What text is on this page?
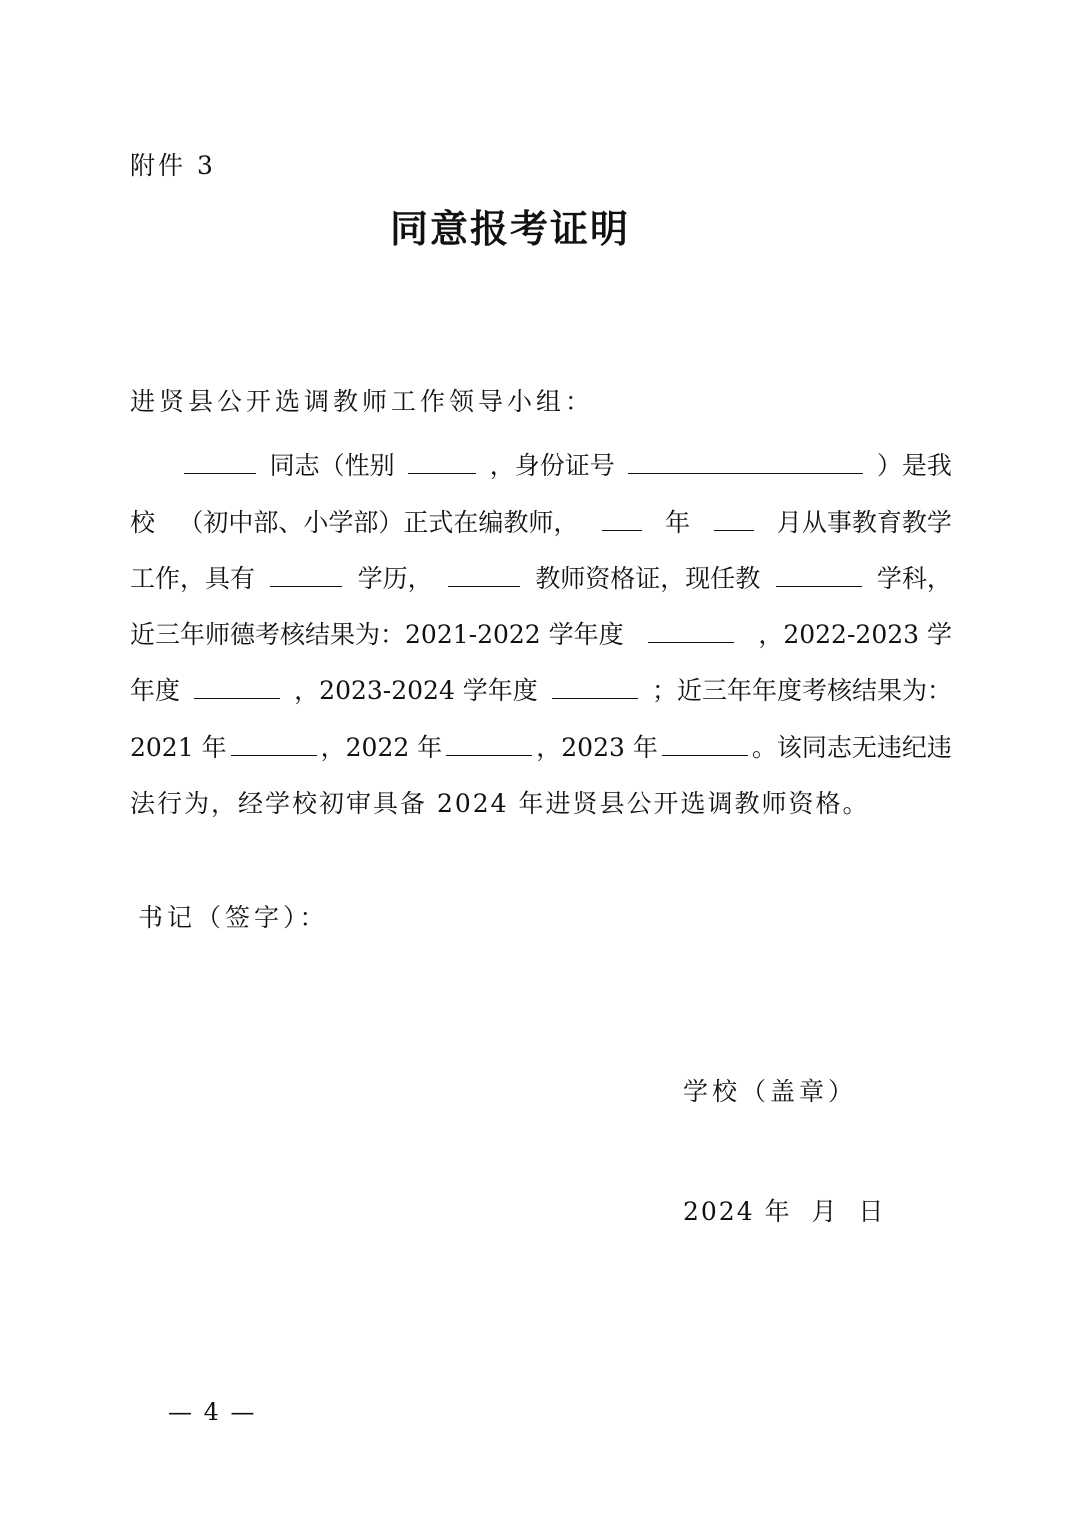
附件 3
同意报考证明
进贤县公开选调教师工作领导小组：
同志（性别	，身份证号	）是我
校 （初中部、小学部）正式在编教师，	年	月从事教育教学
工作，具有	学历，	教师资格证，现任教	学科，
近三年师德考核结果为：2021-2022 学年度	，2022-2023 学
年度	，2023-2024 学年度	；近三年年度考核结果为：
2021 年	，2022 年	，2023 年	。该同志无违纪违
法行为，经学校初审具备 2024 年进贤县公开选调教师资格。
书记（签字）：
学校（盖章）
2024 年  月  日
— 4 —
